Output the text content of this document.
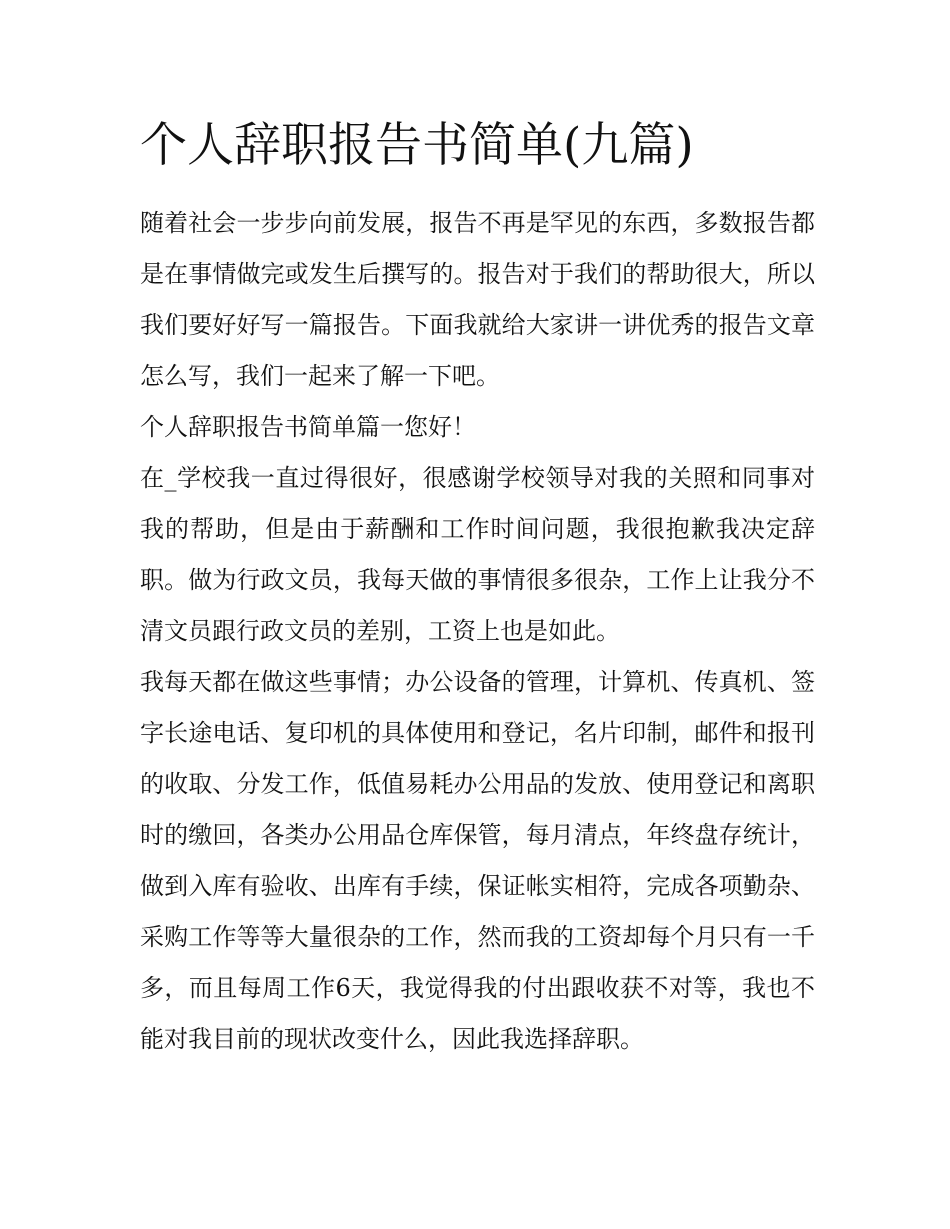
个人辞职报告书简单(九篇)

随着社会一步步向前发展，报告不再是罕见的东西，多数报告都是在事情做完或发生后撰写的。报告对于我们的帮助很大，所以我们要好好写一篇报告。下面我就给大家讲一讲优秀的报告文章怎么写，我们一起来了解一下吧。

个人辞职报告书简单篇一您好！

在_学校我一直过得很好，很感谢学校领导对我的关照和同事对我的帮助，但是由于薪酬和工作时间问题，我很抱歉我决定辞职。做为行政文员，我每天做的事情很多很杂，工作上让我分不清文员跟行政文员的差别，工资上也是如此。

我每天都在做这些事情；办公设备的管理，计算机、传真机、签字长途电话、复印机的具体使用和登记，名片印制，邮件和报刊的收取、分发工作，低值易耗办公用品的发放、使用登记和离职时的缴回，各类办公用品仓库保管，每月清点，年终盘存统计，做到入库有验收、出库有手续，保证帐实相符，完成各项勤杂、采购工作等等大量很杂的工作，然而我的工资却每个月只有一千多，而且每周工作6天，我觉得我的付出跟收获不对等，我也不能对我目前的现状改变什么，因此我选择辞职。
